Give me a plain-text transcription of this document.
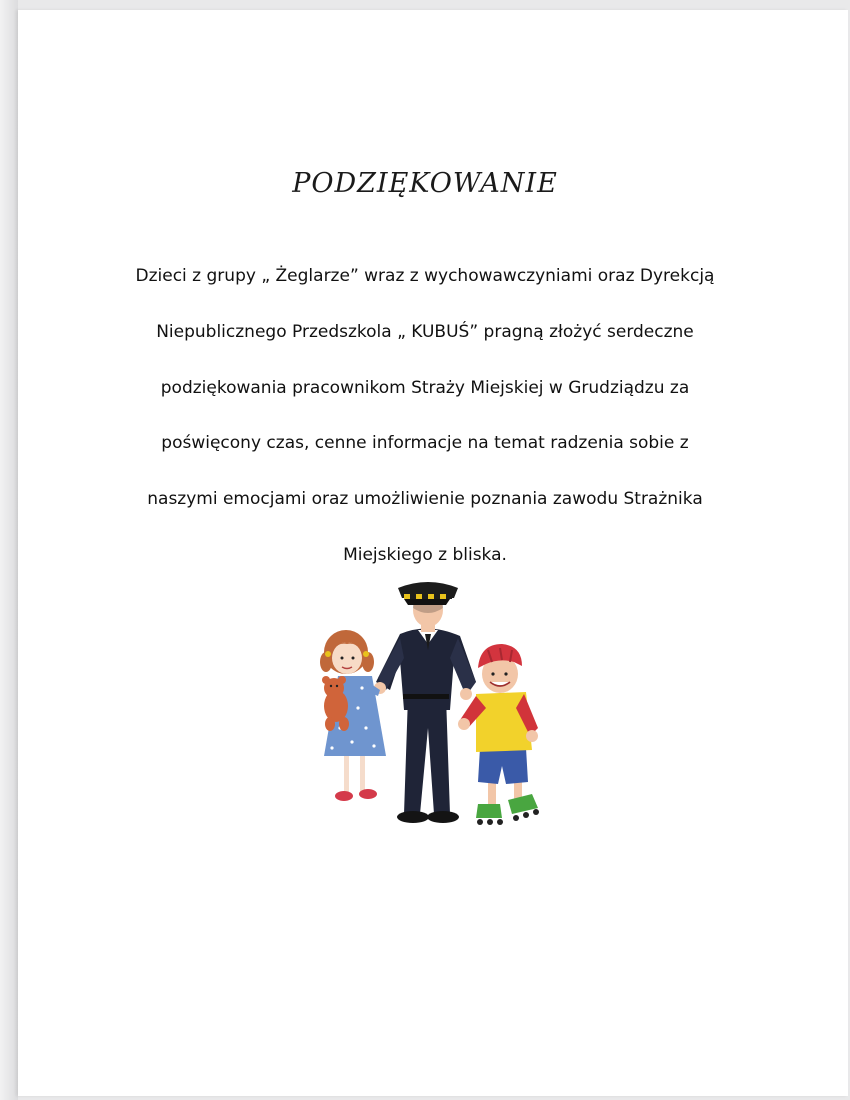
PODZIĘKOWANIE
Dzieci z grupy „ Żeglarze” wraz z wychowawczyniami oraz Dyrekcją
Niepublicznego Przedszkola „ KUBUŚ” pragną złożyć serdeczne
podziękowania pracownikom Straży Miejskiej w Grudziądzu za
poświęcony czas, cenne informacje na temat radzenia sobie z
naszymi emocjami oraz umożliwienie poznania zawodu Strażnika
Miejskiego z bliska.
